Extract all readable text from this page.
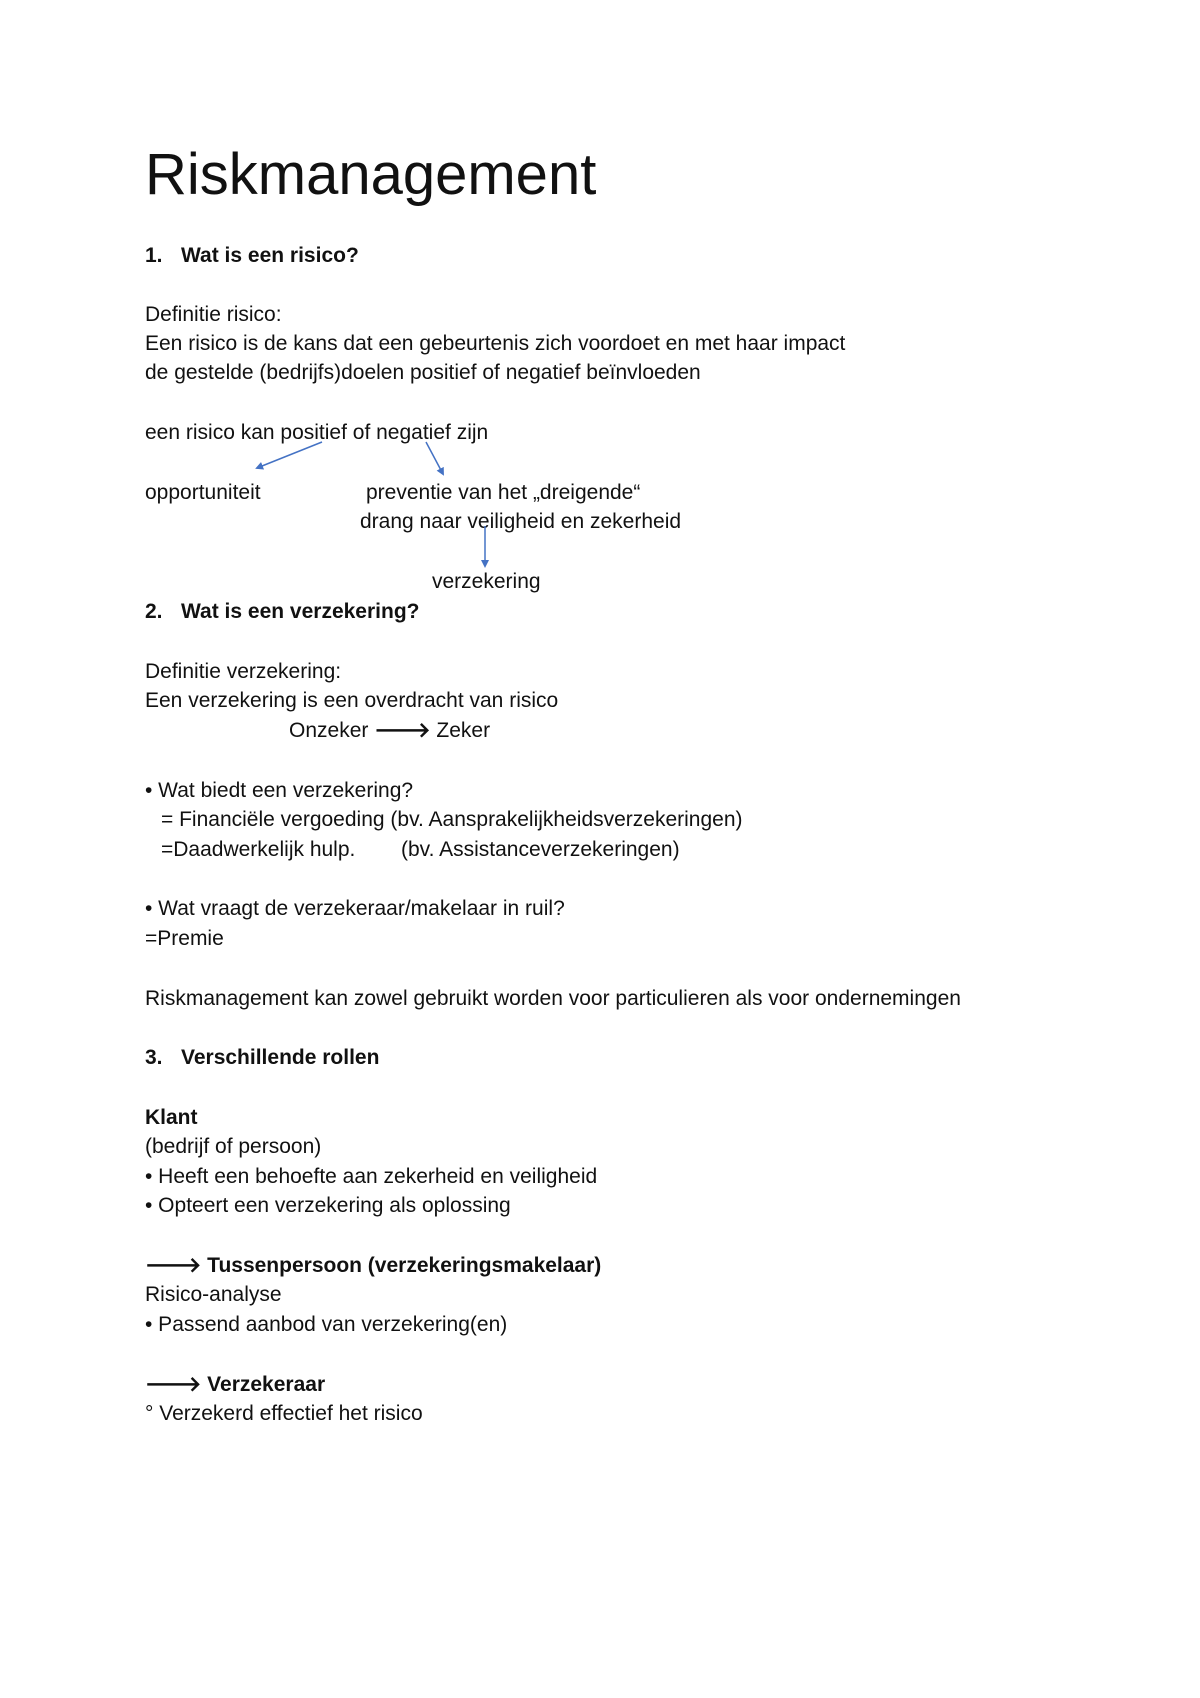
Riskmanagement
1. Wat is een risico?
Definitie risico:
Een risico is de kans dat een gebeurtenis zich voordoet en met haar impact
de gestelde (bedrijfs)doelen positief of negatief beïnvloeden
een risico kan positief of negatief zijn
opportuniteit	preventie van het „dreigende“
drang naar veiligheid en zekerheid
verzekering
2. Wat is een verzekering?
Definitie verzekering:
Een verzekering is een overdracht van risico
Onzeker 🡒 Zeker
• Wat biedt een verzekering?
= Financiële vergoeding (bv. Aansprakelijkheidsverzekeringen)
=Daadwerkelijk hulp. (bv. Assistanceverzekeringen)
• Wat vraagt de verzekeraar/makelaar in ruil?
=Premie
Riskmanagement kan zowel gebruikt worden voor particulieren als voor ondernemingen
3. Verschillende rollen
Klant
(bedrijf of persoon)
• Heeft een behoefte aan zekerheid en veiligheid
• Opteert een verzekering als oplossing
🡒 Tussenpersoon (verzekeringsmakelaar)
Risico-analyse
• Passend aanbod van verzekering(en)
🡒 Verzekeraar
° Verzekerd effectief het risico
